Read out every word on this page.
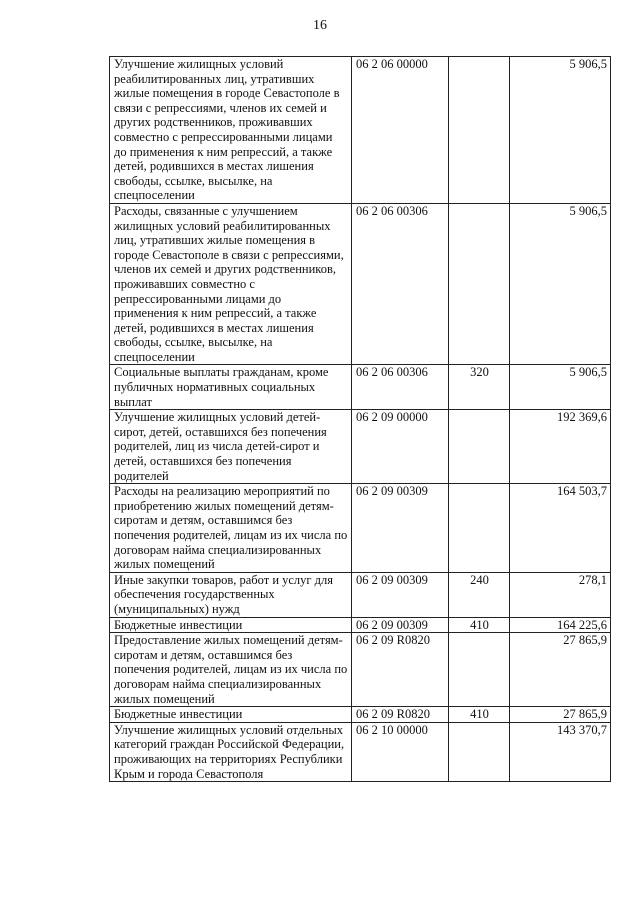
16
Улучшение жилищных условий реабилитированных лиц, утративших жилые помещения в городе Севастополе в связи с репрессиями, членов их семей и других родственников, проживавших совместно с репрессированными лицами до применения к ним репрессий, а также детей, родившихся в местах лишения свободы, ссылке, высылке, на спецпоселении	06 2 06 00000		5 906,5
Расходы, связанные с улучшением жилищных условий реабилитированных лиц, утративших жилые помещения в городе Севастополе в связи с репрессиями, членов их семей и других родственников, проживавших совместно с репрессированными лицами до применения к ним репрессий, а также детей, родившихся в местах лишения свободы, ссылке, высылке, на спецпоселении	06 2 06 00306		5 906,5
Социальные выплаты гражданам, кроме публичных нормативных социальных выплат	06 2 06 00306	320	5 906,5
Улучшение жилищных условий детей-сирот, детей, оставшихся без попечения родителей, лиц из числа детей-сирот и детей, оставшихся без попечения родителей	06 2 09 00000		192 369,6
Расходы на реализацию мероприятий по приобретению жилых помещений детям-сиротам и детям, оставшимся без попечения родителей, лицам из их числа по договорам найма специализированных жилых помещений	06 2 09 00309		164 503,7
Иные закупки товаров, работ и услуг для обеспечения государственных (муниципальных) нужд	06 2 09 00309	240	278,1
Бюджетные инвестиции	06 2 09 00309	410	164 225,6
Предоставление жилых помещений детям-сиротам и детям, оставшимся без попечения родителей, лицам из их числа по договорам найма специализированных жилых помещений	06 2 09 R0820		27 865,9
Бюджетные инвестиции	06 2 09 R0820	410	27 865,9
Улучшение жилищных условий отдельных категорий граждан Российской Федерации, проживающих на территориях Республики Крым и города Севастополя	06 2 10 00000		143 370,7
